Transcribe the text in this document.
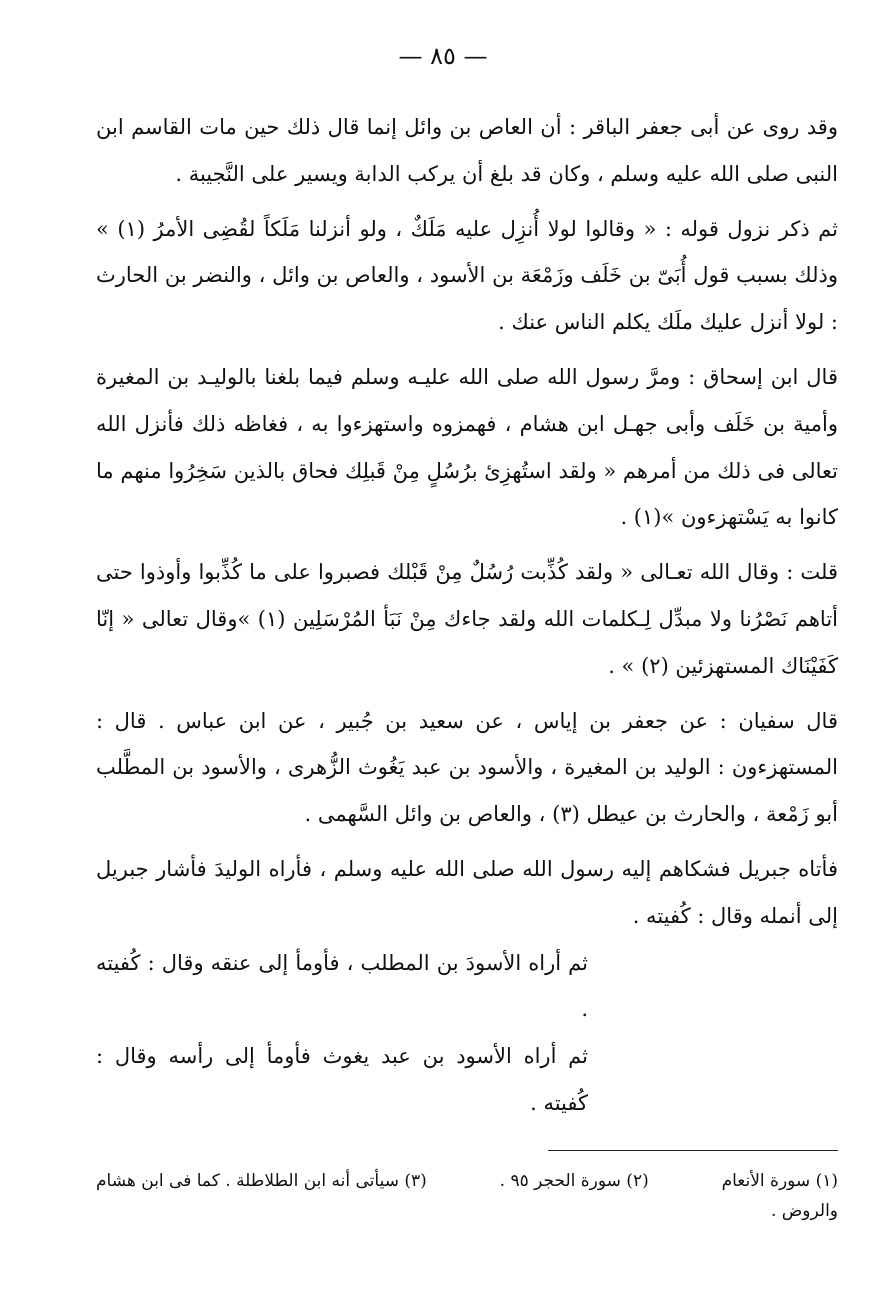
— ٨٥ —

وقد روى عن أبى جعفر الباقر : أن العاص بن وائل إنما قال ذلك حين مات القاسم ابن النبى صلى الله عليه وسلم ، وكان قد بلغ أن يركب الدابة ويسير على النَّجيبة .

ثم ذكر نزول قوله : « وقالوا لولا أُنزِل عليه مَلَكٌ ، ولو أنزلنا مَلَكاً لقُضِى الأمرُ (١) » وذلك بسبب قول أُبَىّ بن خَلَف وزَمْعَة بن الأسود ، والعاص بن وائل ، والنضر بن الحارث : لولا أنزل عليك ملَك يكلم الناس عنك .

قال ابن إسحاق : ومرَّ رسول الله صلى الله عليـه وسلم فيما بلغنا بالوليـد بن المغيرة وأمية بن خَلَف وأبى جهـل ابن هشام ، فهمزوه واستهزءوا به ، فغاظه ذلك فأنزل الله تعالى فى ذلك من أمرهم « ولقد استُهزِئ برُسُلٍ مِنْ قَبلِك فحاق بالذين سَخِرُوا منهم ما كانوا به يَسْتهزءون »(١) .

قلت : وقال الله تعـالى « ولقد كُذِّبت رُسُلٌ مِنْ قَبْلك فصبروا على ما كُذِّبوا وأوذوا حتى أتاهم نَصْرُنا ولا مبدِّل لِـكلمات الله ولقد جاءك مِنْ نَبَأ المُرْسَلِين (١) »وقال تعالى « إنّا كَفَيْنَاك المستهزئين (٢) » .

قال سفيان : عن جعفر بن إياس ، عن سعيد بن جُبير ، عن ابن عباس . قال : المستهزءون : الوليد بن المغيرة ، والأسود بن عبد يَغُوث الزُّهرى ، والأسود بن المطَّلب أبو زَمْعة ، والحارث بن عيطل (٣) ، والعاص بن وائل السَّهمى .

فأتاه جبريل فشكاهم إليه رسول الله صلى الله عليه وسلم ، فأراه الوليدَ فأشار جبريل إلى أنمله وقال : كُفيته .

ثم أراه الأسودَ بن المطلب ، فأومأ إلى عنقه وقال : كُفيته .

ثم أراه الأسود بن عبد يغوث فأومأ إلى رأسه وقال : كُفيته .

(١) سورة الأنعام
(٢) سورة الحجر ٩٥ .
(٣) سيأتى أنه ابن الطلاطلة . كما فى ابن هشام
والروض .
